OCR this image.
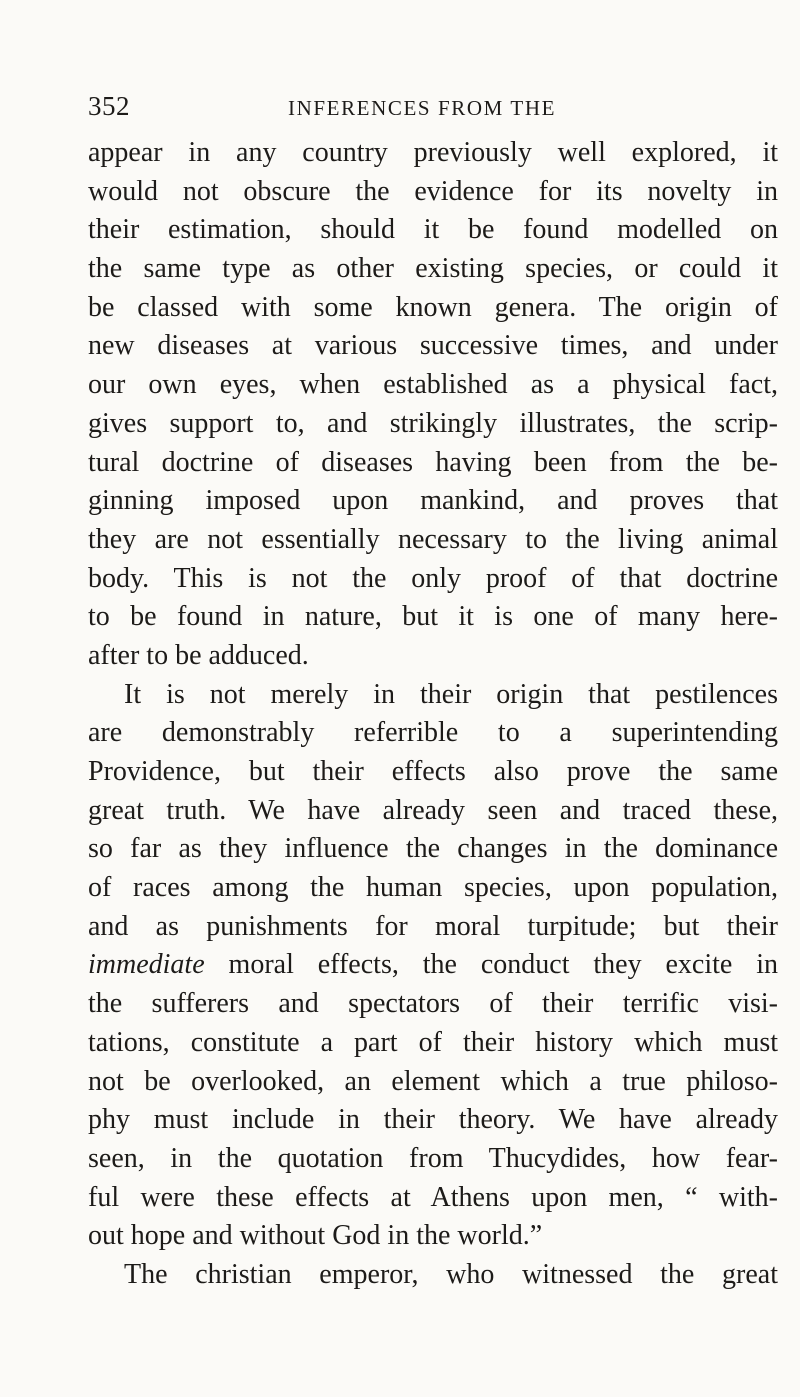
352	INFERENCES FROM THE
appear in any country previously well explored, it
would not obscure the evidence for its novelty in
their estimation, should it be found modelled on
the same type as other existing species, or could it
be classed with some known genera. The origin of
new diseases at various successive times, and under
our own eyes, when established as a physical fact,
gives support to, and strikingly illustrates, the scrip-
tural doctrine of diseases having been from the be-
ginning imposed upon mankind, and proves that
they are not essentially necessary to the living animal
body. This is not the only proof of that doctrine
to be found in nature, but it is one of many here-
after to be adduced.
It is not merely in their origin that pestilences
are demonstrably referrible to a superintending
Providence, but their effects also prove the same
great truth. We have already seen and traced these,
so far as they influence the changes in the dominance
of races among the human species, upon population,
and as punishments for moral turpitude; but their
immediate moral effects, the conduct they excite in
the sufferers and spectators of their terrific visi-
tations, constitute a part of their history which must
not be overlooked, an element which a true philoso-
phy must include in their theory. We have already
seen, in the quotation from Thucydides, how fear-
ful were these effects at Athens upon men, “ with-
out hope and without God in the world.”
The christian emperor, who witnessed the great
